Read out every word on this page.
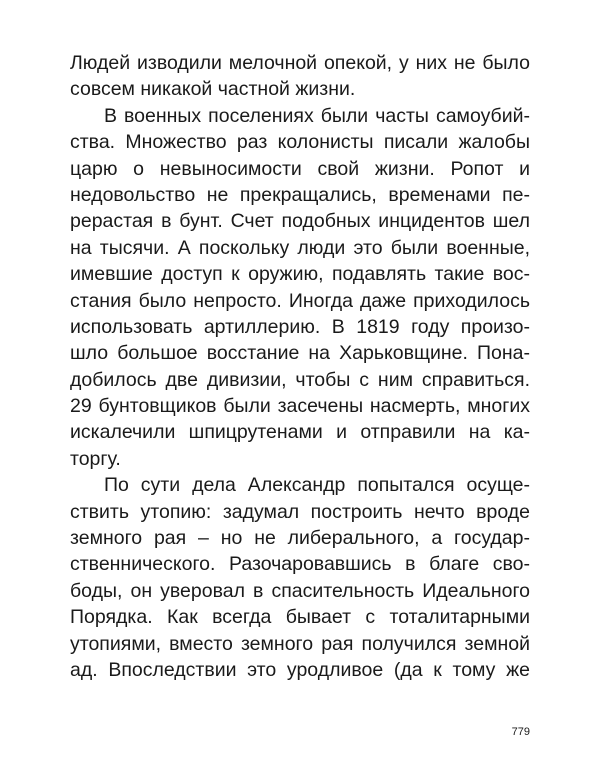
Людей изводили мелочной опекой, у них не было
совсем никакой частной жизни.
В военных поселениях были часты самоубий-
ства. Множество раз колонисты писали жалобы
царю о невыносимости свой жизни. Ропот и
недовольство не прекращались, временами пе-
рерастая в бунт. Счет подобных инцидентов шел
на тысячи. А поскольку люди это были военные,
имевшие доступ к оружию, подавлять такие вос-
стания было непросто. Иногда даже приходилось
использовать артиллерию. В 1819 году произо-
шло большое восстание на Харьковщине. Пона-
добилось две дивизии, чтобы с ним справиться.
29 бунтовщиков были засечены насмерть, многих
искалечили шпицрутенами и отправили на ка-
торгу.
По сути дела Александр попытался осуще-
ствить утопию: задумал построить нечто вроде
земного рая – но не либерального, а государ-
ственнического. Разочаровавшись в благе сво-
боды, он уверовал в спасительность Идеального
Порядка. Как всегда бывает с тоталитарными
утопиями, вместо земного рая получился земной
ад. Впоследствии это уродливое (да к тому же
779
